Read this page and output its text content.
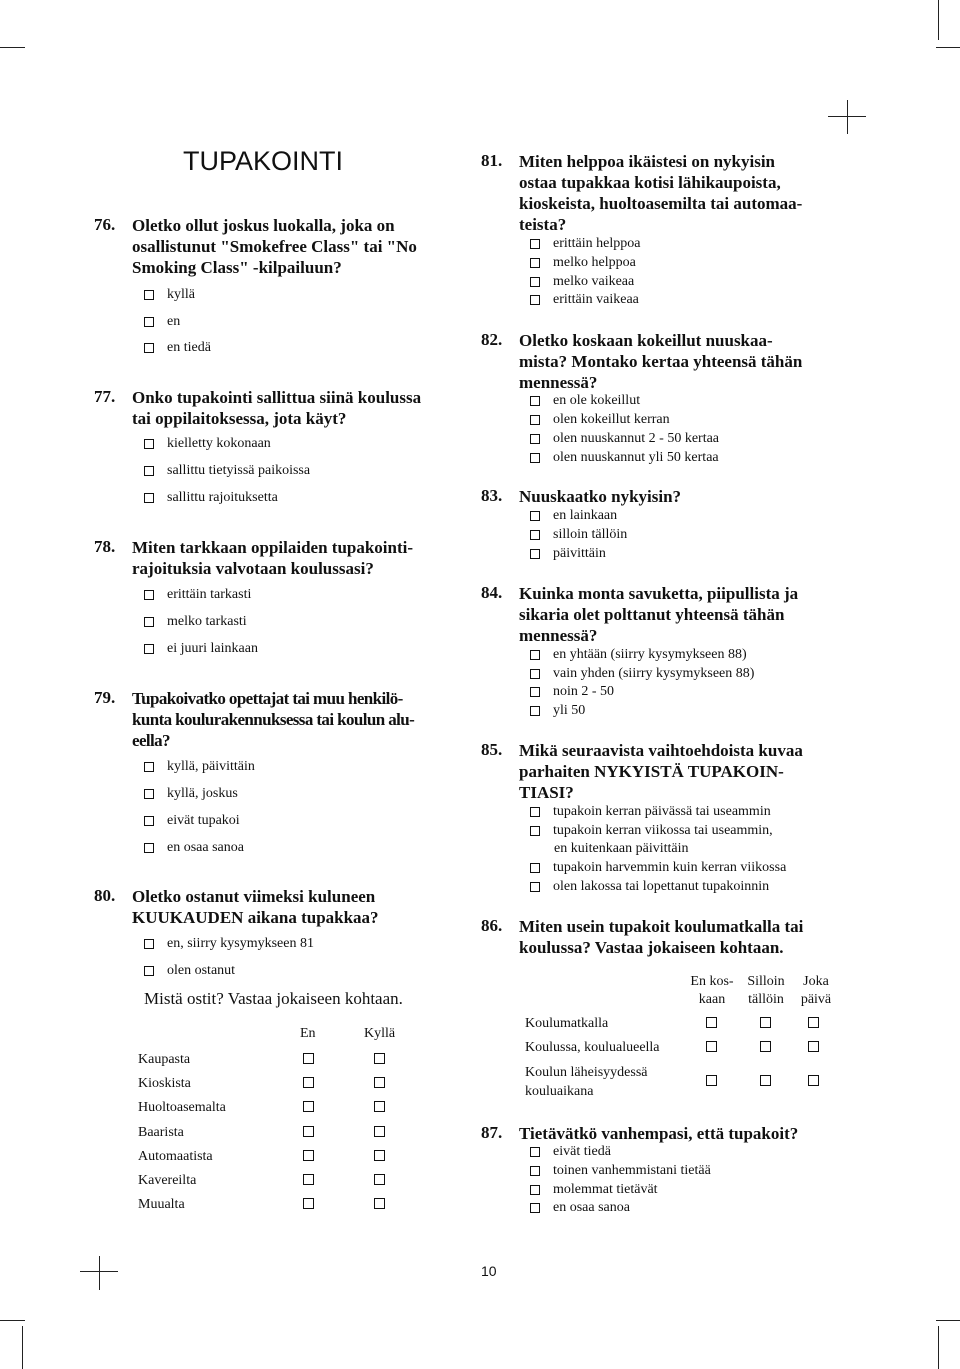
TUPAKOINTI
76. Oletko ollut joskus luokalla, joka on
osallistunut "Smokefree Class" tai "No
Smoking Class" -kilpailuun?
kyllä
en
en tiedä
77. Onko tupakointi sallittua siinä koulussa
tai oppilaitoksessa, jota käyt?
kielletty kokonaan
sallittu tietyissä paikoissa
sallittu rajoituksetta
78. Miten tarkkaan oppilaiden tupakointi-
rajoituksia valvotaan koulussasi?
erittäin tarkasti
melko tarkasti
ei juuri lainkaan
79. Tupakoivatko opettajat tai muu henkilö-
kunta koulurakennuksessa tai koulun alu-
eella?
kyllä, päivittäin
kyllä, joskus
eivät tupakoi
en osaa sanoa
80. Oletko ostanut viimeksi kuluneen
KUUKAUDEN aikana tupakkaa?
en, siirry kysymykseen 81
olen ostanut
Mistä ostit? Vastaa jokaiseen kohtaan.
En	Kyllä
Kaupasta
Kioskista
Huoltoasemalta
Baarista
Automaatista
Kavereilta
Muualta
81. Miten helppoa ikäistesi on nykyisin
ostaa tupakkaa kotisi lähikaupoista,
kioskeista, huoltoasemilta tai automaa-
teista?
erittäin helppoa
melko helppoa
melko vaikeaa
erittäin vaikeaa
82. Oletko koskaan kokeillut nuuskaa-
mista? Montako kertaa yhteensä tähän
mennessä?
en ole kokeillut
olen kokeillut kerran
olen nuuskannut 2 - 50 kertaa
olen nuuskannut yli 50 kertaa
83. Nuuskaatko nykyisin?
en lainkaan
silloin tällöin
päivittäin
84. Kuinka monta savuketta, piipullista ja
sikaria olet polttanut yhteensä tähän
mennessä?
en yhtään (siirry kysymykseen 88)
vain yhden (siirry kysymykseen 88)
noin 2 - 50
yli 50
85. Mikä seuraavista vaihtoehdoista kuvaa
parhaiten NYKYISTÄ TUPAKOIN-
TIASI?
tupakoin kerran päivässä tai useammin
tupakoin kerran viikossa tai useammin,
en kuitenkaan päivittäin
tupakoin harvemmin kuin kerran viikossa
olen lakossa tai lopettanut tupakoinnin
86. Miten usein tupakoit koulumatkalla tai
koulussa? Vastaa jokaiseen kohtaan.
En kos-
kaan
Silloin
tällöin
Joka
päivä
Koulumatkalla
Koulussa, koulualueella
Koulun läheisyydessä
kouluaikana
87. Tietävätkö vanhempasi, että tupakoit?
eivät tiedä
toinen vanhemmistani tietää
molemmat tietävät
en osaa sanoa
10
